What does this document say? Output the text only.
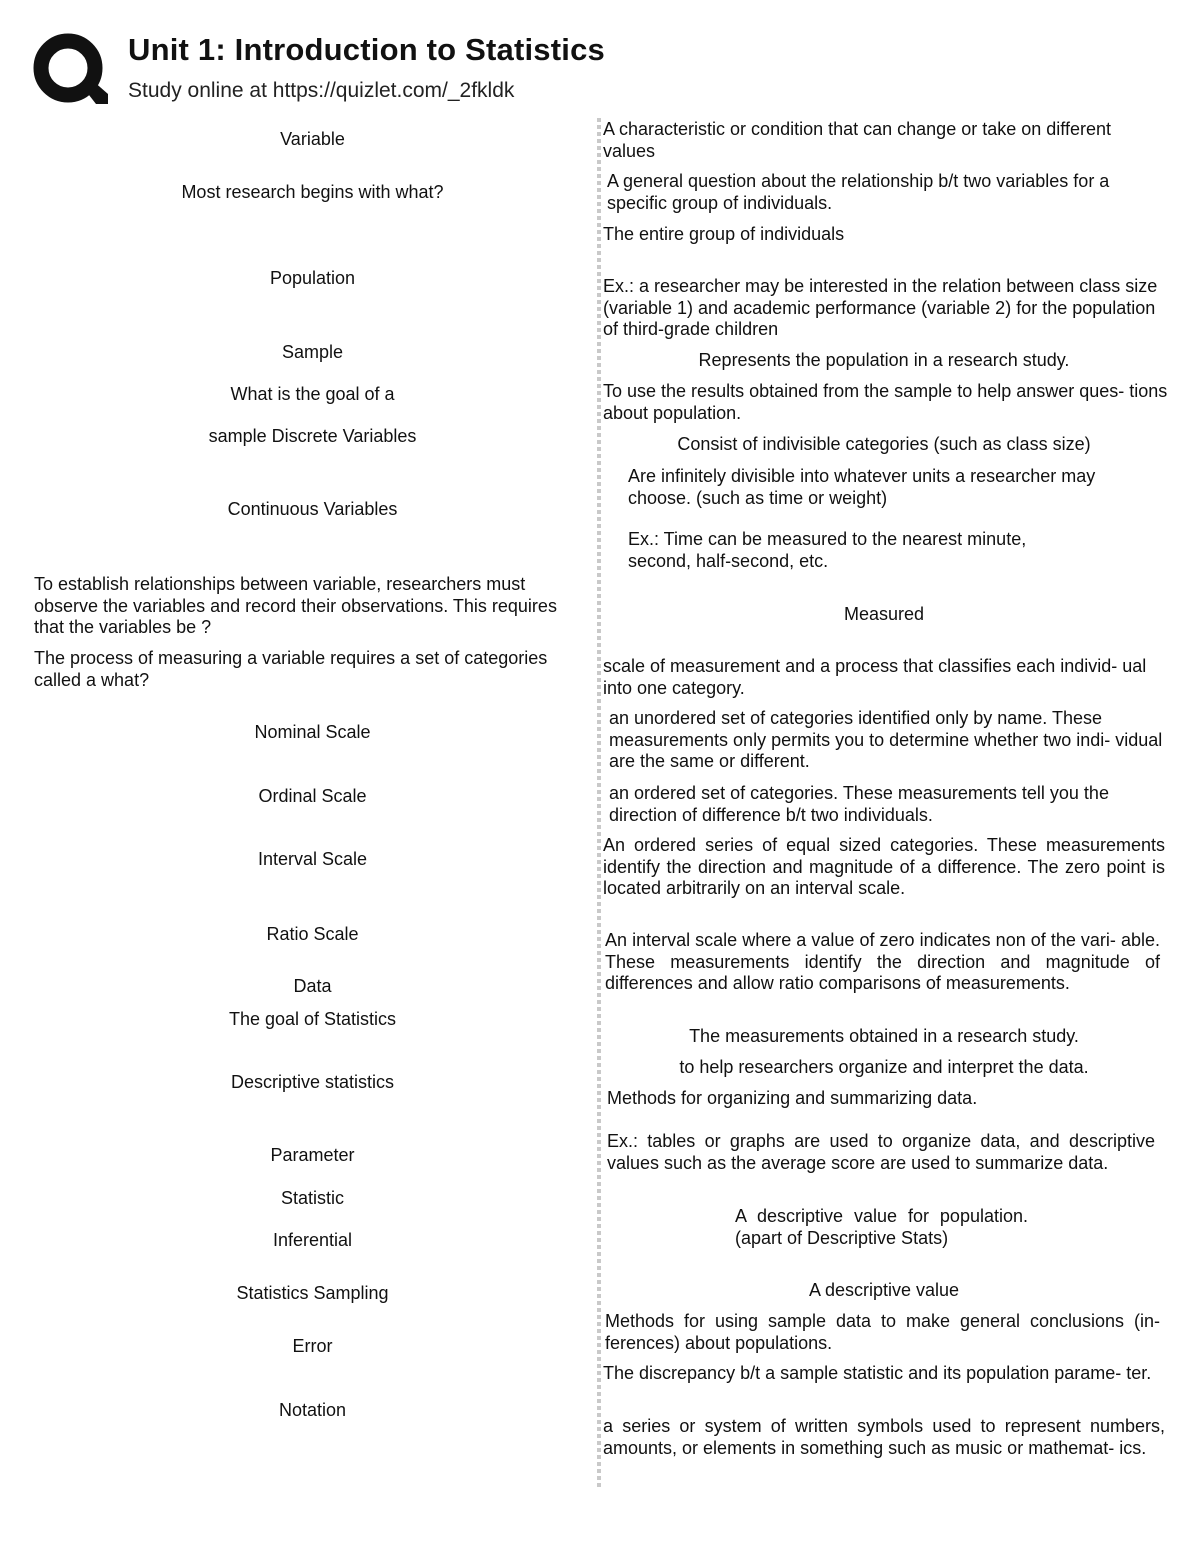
Unit 1: Introduction to Statistics
Study online at https://quizlet.com/_2fkldk
Variable
Most research begins with what?
Population
Sample
What is the goal of a
sample Discrete Variables
Continuous Variables
To establish relationships between variable, researchers must observe the variables and record their observations. This requires that the variables be ?
The process of measuring a variable requires a set of categories called a what?
Nominal Scale
Ordinal Scale
Interval Scale
Ratio Scale
Data
The goal of Statistics
Descriptive statistics
Parameter
Statistic
Inferential
Statistics Sampling
Error
Notation
A characteristic or condition that can change or take on different values
A general question about the relationship b/t two variables for a specific group of individuals.
The entire group of individuals
Ex.: a researcher may be interested in the relation between class size (variable 1) and academic performance (variable 2) for the population of third-grade children
Represents the population in a research study.
To use the results obtained from the sample to help answer ques- tions about population.
Consist of indivisible categories (such as class size)
Are infinitely divisible into whatever units a researcher may choose. (such as time or weight)
Ex.: Time can be measured to the nearest minute, second, half-second, etc.
Measured
scale of measurement and a process that classifies each individ- ual into one category.
an unordered set of categories identified only by name. These measurements only permits you to determine whether two indi- vidual are the same or different.
an ordered set of categories. These measurements tell you the direction of difference b/t two individuals.
An ordered series of equal sized categories. These measurements identify the direction and magnitude of a difference. The zero point is located arbitrarily on an interval scale.
An interval scale where a value of zero indicates non of the vari- able. These measurements identify the direction and magnitude of differences and allow ratio comparisons of measurements.
The measurements obtained in a research study.
to help researchers organize and interpret the data.
Methods for organizing and summarizing data.
Ex.: tables or graphs are used to organize data, and descriptive values such as the average score are used to summarize data.
A descriptive value for population. (apart of Descriptive Stats)
A descriptive value
Methods for using sample data to make general conclusions (in- ferences) about populations.
The discrepancy b/t a sample statistic and its population parame- ter.
a series or system of written symbols used to represent numbers, amounts, or elements in something such as music or mathemat- ics.
